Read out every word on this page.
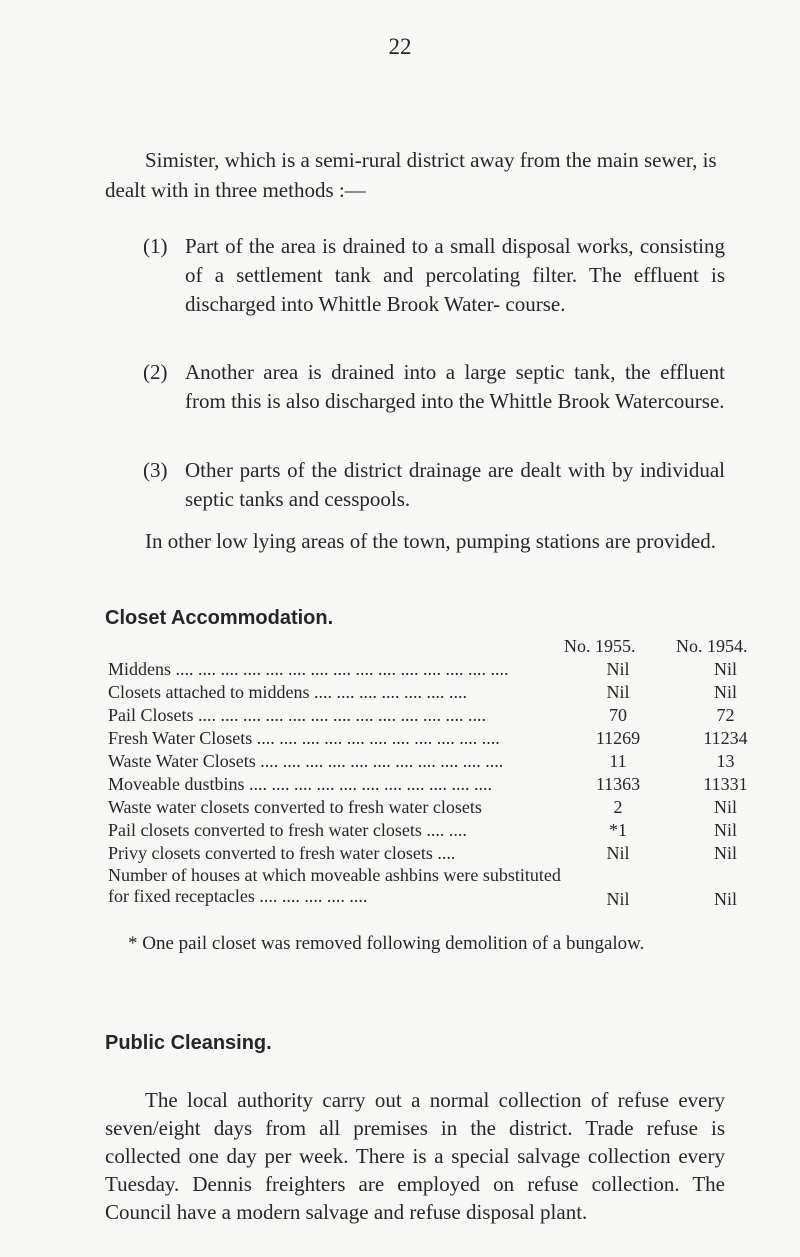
22

Simister, which is a semi-rural district away from the main sewer, is dealt with in three methods :—

(1) Part of the area is drained to a small disposal works, consisting of a settlement tank and percolating filter. The effluent is discharged into Whittle Brook Water- course.
(2) Another area is drained into a large septic tank, the effluent from this is also discharged into the Whittle Brook Watercourse.
(3) Other parts of the district drainage are dealt with by individual septic tanks and cesspools.

In other low lying areas of the town, pumping stations are provided.

Closet Accommodation.
No. 1955. No. 1954.
Middens .... .... .... .... .... .... .... .... .... .... .... .... .... .... ....	Nil	Nil
Closets attached to middens .... .... .... .... .... .... ....	Nil	Nil
Pail Closets .... .... .... .... .... .... .... .... .... .... .... .... ....	70	72
Fresh Water Closets .... .... .... .... .... .... .... .... .... .... ....	11269	11234
Waste Water Closets .... .... .... .... .... .... .... .... .... .... ....	11	13
Moveable dustbins .... .... .... .... .... .... .... .... .... .... ....	11363	11331
Waste water closets converted to fresh water closets	2	Nil
Pail closets converted to fresh water closets .... ....	*1	Nil
Privy closets converted to fresh water closets ....	Nil	Nil
Number of houses at which moveable ashbins were substituted for fixed receptacles .... .... .... .... ....	Nil	Nil
* One pail closet was removed following demolition of a bungalow.
Public Cleansing.

The local authority carry out a normal collection of refuse every seven/eight days from all premises in the district. Trade refuse is collected one day per week. There is a special salvage collection every Tuesday. Dennis freighters are employed on refuse collection. The Council have a modern salvage and refuse disposal plant.
